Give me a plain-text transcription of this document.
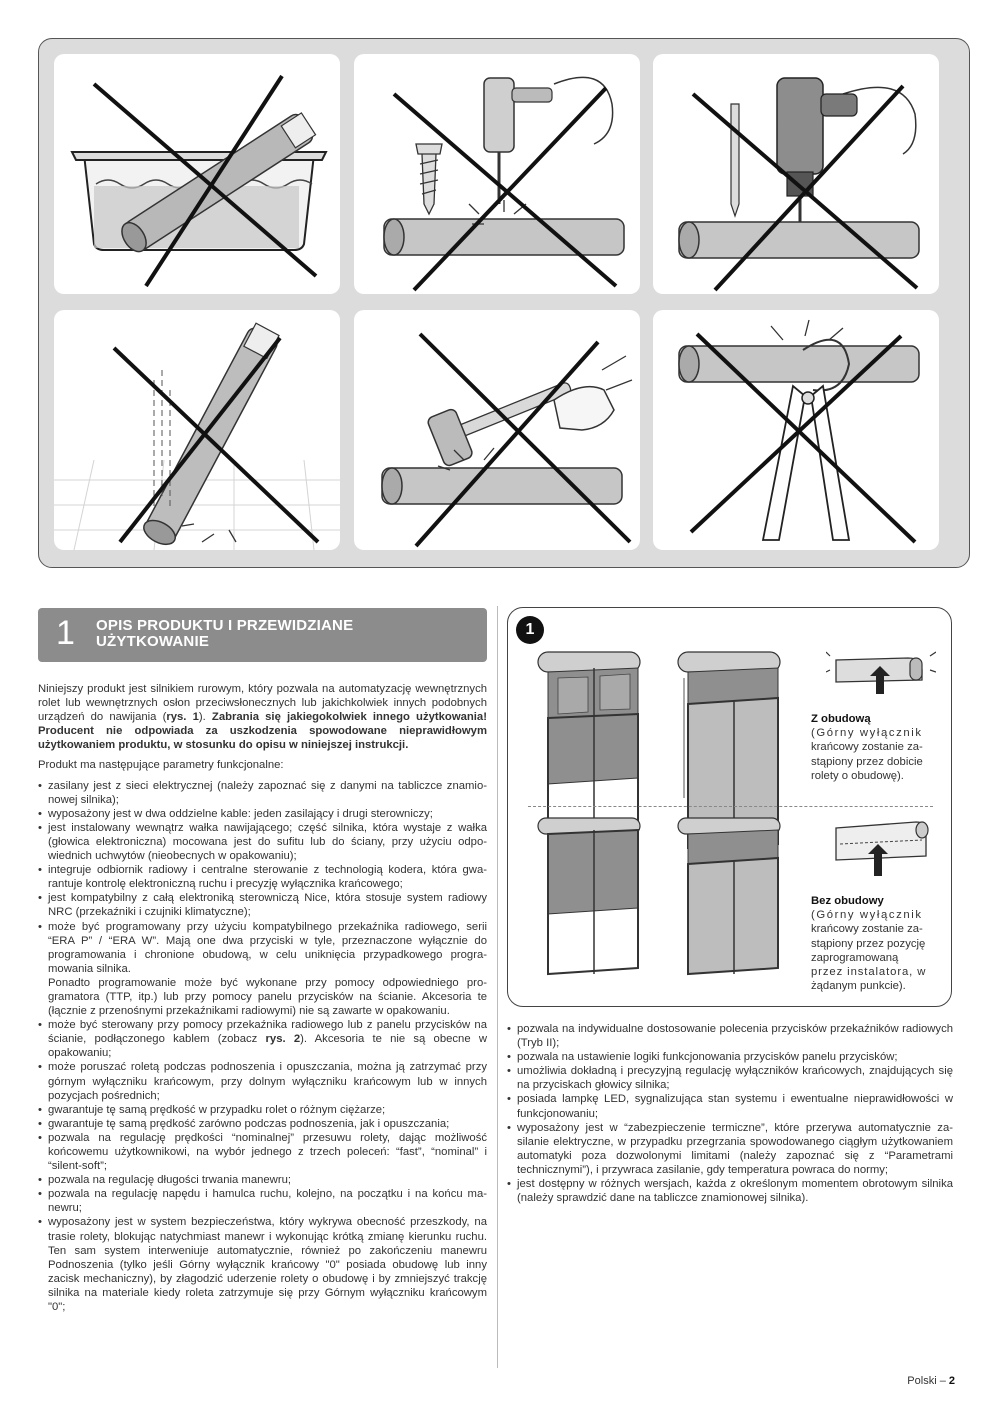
1 OPIS PRODUKTU I PRZEWIDZIANE
UŻYTKOWANIE

Niniejszy produkt jest silnikiem rurowym, który pozwala na automatyzację wewnętrznych rolet lub wewnętrznych osłon przeciwsłonecznych lub jakichkolwiek innych podobnych urządzeń do nawijania (rys. 1). Zabrania się jakiegokolwiek innego użytkowania! Producent nie odpowiada za uszkodzenia spowodowane nieprawidłowym użytkowaniem produktu, w stosunku do opisu w niniejszej instrukcji.

Produkt ma następujące parametry funkcjonalne:

• zasilany jest z sieci elektrycznej (należy zapoznać się z danymi na tabliczce znamionowej silnika);
• wyposażony jest w dwa oddzielne kable: jeden zasilający i drugi sterowniczy;
• jest instalowany wewnątrz wałka nawijającego; część silnika, która wystaje z wałka (głowica elektroniczna) mocowana jest do sufitu lub do ściany, przy użyciu odpowiednich uchwytów (nieobecnych w opakowaniu);
• integruje odbiornik radiowy i centralne sterowanie z technologią kodera, która gwarantuje kontrolę elektroniczną ruchu i precyzję wyłącznika krańcowego;
• jest kompatybilny z całą elektroniką sterowniczą Nice, która stosuje system radiowy NRC (przekaźniki i czujniki klimatyczne);
• może być programowany przy użyciu kompatybilnego przekaźnika radiowego, serii “ERA P” / “ERA W”. Mają one dwa przyciski w tyle, przeznaczone wyłącznie do programowania i chronione obudową, w celu uniknięcia przypadkowego programowania silnika.
Ponadto programowanie może być wykonane przy pomocy odpowiedniego programatora (TTP, itp.) lub przy pomocy panelu przycisków na ścianie. Akcesoria te (łącznie z przenośnymi przekaźnikami radiowymi) nie są zawarte w opakowaniu.
• może być sterowany przy pomocy przekaźnika radiowego lub z panelu przycisków na ścianie, podłączonego kablem (zobacz rys. 2). Akcesoria te nie są obecne w opakowaniu;
• może poruszać roletą podczas podnoszenia i opuszczania, można ją zatrzymać przy górnym wyłączniku krańcowym, przy dolnym wyłączniku krańcowym lub w innych pozycjach pośrednich;
• gwarantuje tę samą prędkość w przypadku rolet o różnym ciężarze;
• gwarantuje tę samą prędkość zarówno podczas podnoszenia, jak i opuszczania;
• pozwala na regulację prędkości “nominalnej” przesuwu rolety, dając możliwość końcowemu użytkownikowi, na wybór jednego z trzech poleceń: “fast”, “nominal” i “silent-soft”;
• pozwala na regulację długości trwania manewru;
• pozwala na regulację napędu i hamulca ruchu, kolejno, na początku i na końcu manewru;
• wyposażony jest w system bezpieczeństwa, który wykrywa obecność przeszkody, na trasie rolety, blokując natychmiast manewr i wykonując krótką zmianę kierunku ruchu. Ten sam system interweniuje automatycznie, również po zakończeniu manewru Podnoszenia (tylko jeśli Górny wyłącznik krańcowy "0" posiada obudowę lub inny zacisk mechaniczny), by złagodzić uderzenie rolety o obudowę i by zmniejszyć trakcję silnika na materiale kiedy roleta zatrzymuje się przy Górnym wyłączniku krańcowym "0";
1
Z obudową
(Górny wyłącznik
krańcowy zostanie zastąpiony przez dobicie rolety o obudowę).
Bez obudowy
(Górny wyłącznik
krańcowy zostanie zastąpiony przez pozycję zaprogramowaną
przez instalatora, w
żądanym punkcie).
• pozwala na indywidualne dostosowanie polecenia przycisków przekaźników radiowych (Tryb II);
• pozwala na ustawienie logiki funkcjonowania przycisków panelu przycisków;
• umożliwia dokładną i precyzyjną regulację wyłączników krańcowych, znajdujących się na przyciskach głowicy silnika;
• posiada lampkę LED, sygnalizująca stan systemu i ewentualne nieprawidłowości w funkcjonowaniu;
• wyposażony jest w “zabezpieczenie termiczne”, które przerywa automatycznie zasilanie elektryczne, w przypadku przegrzania spowodowanego ciągłym użytkowaniem automatyki poza dozwolonymi limitami (należy zapoznać się z “Parametrami technicznymi”), i przywraca zasilanie, gdy temperatura powraca do normy;
• jest dostępny w różnych wersjach, każda z określonym momentem obrotowym silnika (należy sprawdzić dane na tabliczce znamionowej silnika).
Polski – 2
